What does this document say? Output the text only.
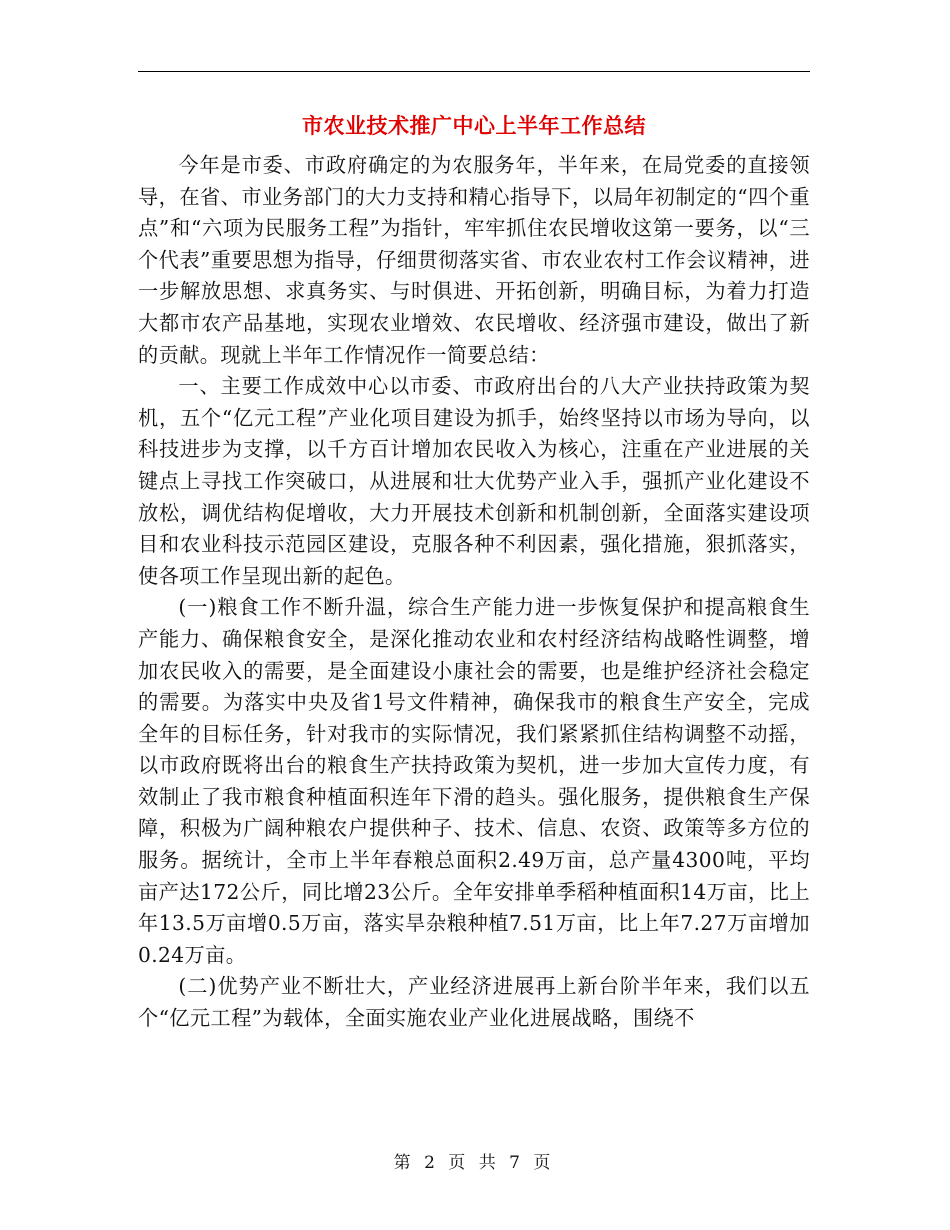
市农业技术推广中心上半年工作总结

今年是市委、市政府确定的为农服务年，半年来，在局党委的直接领导，在省、市业务部门的大力支持和精心指导下，以局年初制定的“四个重点”和“六项为民服务工程”为指针，牢牢抓住农民增收这第一要务，以“三个代表”重要思想为指导，仔细贯彻落实省、市农业农村工作会议精神，进一步解放思想、求真务实、与时俱进、开拓创新，明确目标，为着力打造大都市农产品基地，实现农业增效、农民增收、经济强市建设，做出了新的贡献。现就上半年工作情况作一简要总结：

一、主要工作成效中心以市委、市政府出台的八大产业扶持政策为契机，五个“亿元工程”产业化项目建设为抓手，始终坚持以市场为导向，以科技进步为支撑，以千方百计增加农民收入为核心，注重在产业进展的关键点上寻找工作突破口，从进展和壮大优势产业入手，强抓产业化建设不放松，调优结构促增收，大力开展技术创新和机制创新，全面落实建设项目和农业科技示范园区建设，克服各种不利因素，强化措施，狠抓落实，使各项工作呈现出新的起色。

(一)粮食工作不断升温，综合生产能力进一步恢复保护和提高粮食生产能力、确保粮食安全，是深化推动农业和农村经济结构战略性调整，增加农民收入的需要，是全面建设小康社会的需要，也是维护经济社会稳定的需要。为落实中央及省1号文件精神，确保我市的粮食生产安全，完成全年的目标任务，针对我市的实际情况，我们紧紧抓住结构调整不动摇，以市政府既将出台的粮食生产扶持政策为契机，进一步加大宣传力度，有效制止了我市粮食种植面积连年下滑的趋头。强化服务，提供粮食生产保障，积极为广阔种粮农户提供种子、技术、信息、农资、政策等多方位的服务。据统计，全市上半年春粮总面积2.49万亩，总产量4300吨，平均亩产达172公斤，同比增23公斤。全年安排单季稻种植面积14万亩，比上年13.5万亩增0.5万亩，落实旱杂粮种植7.51万亩，比上年7.27万亩增加0.24万亩。

(二)优势产业不断壮大，产业经济进展再上新台阶半年来，我们以五个“亿元工程”为载体，全面实施农业产业化进展战略，围绕不

第 2 页 共 7 页
